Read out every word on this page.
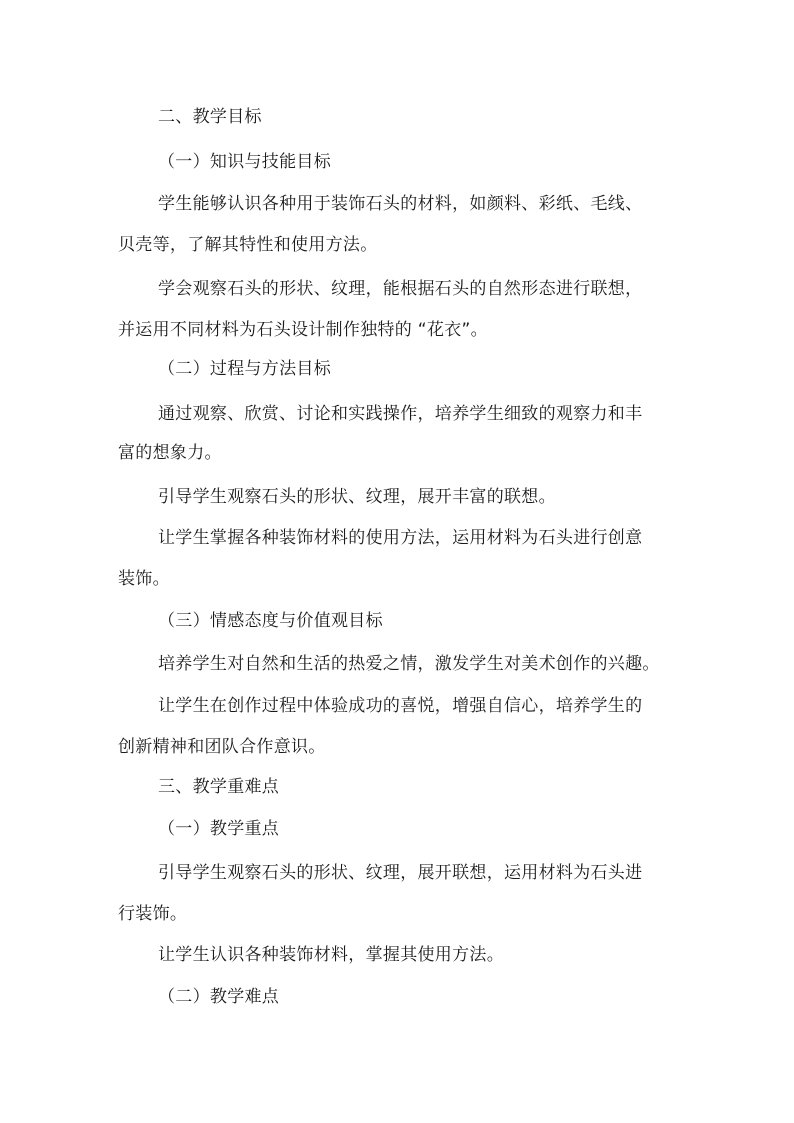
二、教学目标
（一）知识与技能目标
学生能够认识各种用于装饰石头的材料，如颜料、彩纸、毛线、
贝壳等，了解其特性和使用方法。
学会观察石头的形状、纹理，能根据石头的自然形态进行联想，
并运用不同材料为石头设计制作独特的 “花衣”。
（二）过程与方法目标
通过观察、欣赏、讨论和实践操作，培养学生细致的观察力和丰
富的想象力。
引导学生观察石头的形状、纹理，展开丰富的联想。
让学生掌握各种装饰材料的使用方法，运用材料为石头进行创意
装饰。
（三）情感态度与价值观目标
培养学生对自然和生活的热爱之情，激发学生对美术创作的兴趣。
让学生在创作过程中体验成功的喜悦，增强自信心，培养学生的
创新精神和团队合作意识。
三、教学重难点
（一）教学重点
引导学生观察石头的形状、纹理，展开联想，运用材料为石头进
行装饰。
让学生认识各种装饰材料，掌握其使用方法。
（二）教学难点
